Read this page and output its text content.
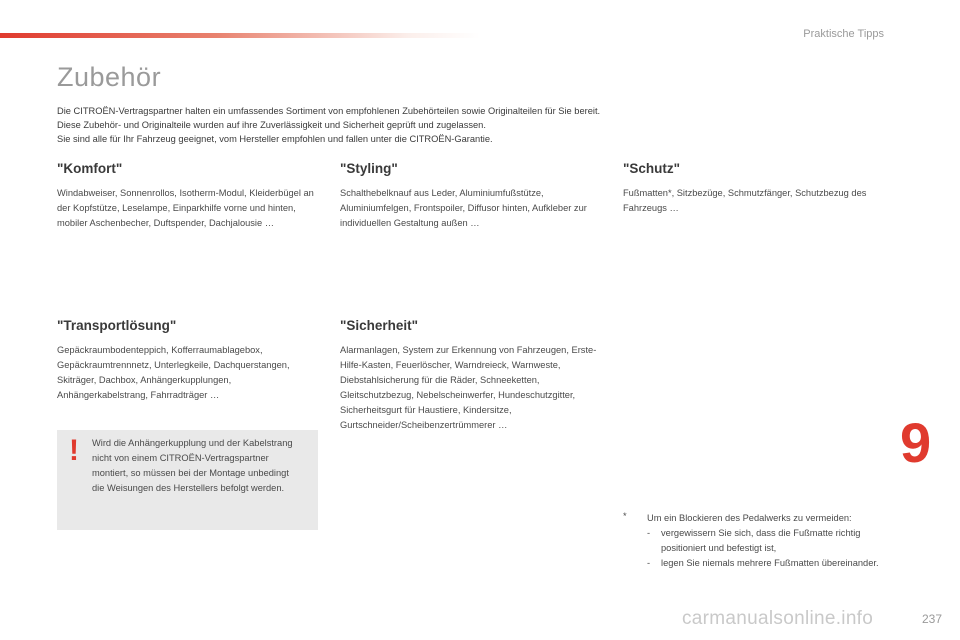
Praktische Tipps
Zubehör

Die CITROËN-Vertragspartner halten ein umfassendes Sortiment von empfohlenen Zubehörteilen sowie Originalteilen für Sie bereit.

Diese Zubehör- und Originalteile wurden auf ihre Zuverlässigkeit und Sicherheit geprüft und zugelassen.

Sie sind alle für Ihr Fahrzeug geeignet, vom Hersteller empfohlen und fallen unter die CITROËN-Garantie.

"Komfort"

Windabweiser, Sonnenrollos, Isotherm-Modul, Kleiderbügel an der Kopfstütze, Leselampe, Einparkhilfe vorne und hinten, mobiler Aschenbecher, Duftspender, Dachjalousie …

"Styling"

Schalthebelknauf aus Leder, Aluminiumfußstütze, Aluminiumfelgen, Frontspoiler, Diffusor hinten, Aufkleber zur individuellen Gestaltung außen …

"Schutz"

Fußmatten*, Sitzbezüge, Schmutzfänger, Schutzbezug des Fahrzeugs …

"Transportlösung"

Gepäckraumbodenteppich, Kofferraumablagebox, Gepäckraumtrennnetz, Unterlegkeile, Dachquerstangen, Skiträger, Dachbox, Anhängerkupplungen, Anhängerkabelstrang, Fahrradträger …

"Sicherheit"

Alarmanlagen, System zur Erkennung von Fahrzeugen, Erste-Hilfe-Kasten, Feuerlöscher, Warndreieck, Warnweste, Diebstahlsicherung für die Räder, Schneeketten, Gleitschutzbezug, Nebelscheinwerfer, Hundeschutzgitter, Sicherheitsgurt für Haustiere, Kindersitze, Gurtschneider/Scheibenzertrümmerer …

! Wird die Anhängerkupplung und der Kabelstrang nicht von einem CITROËN-Vertragspartner montiert, so müssen bei der Montage unbedingt die Weisungen des Herstellers befolgt werden.
9
* Um ein Blockieren des Pedalwerks zu vermeiden:
- vergewissern Sie sich, dass die Fußmatte richtig positioniert und befestigt ist,
- legen Sie niemals mehrere Fußmatten übereinander.
carmanualsonline.info	237
